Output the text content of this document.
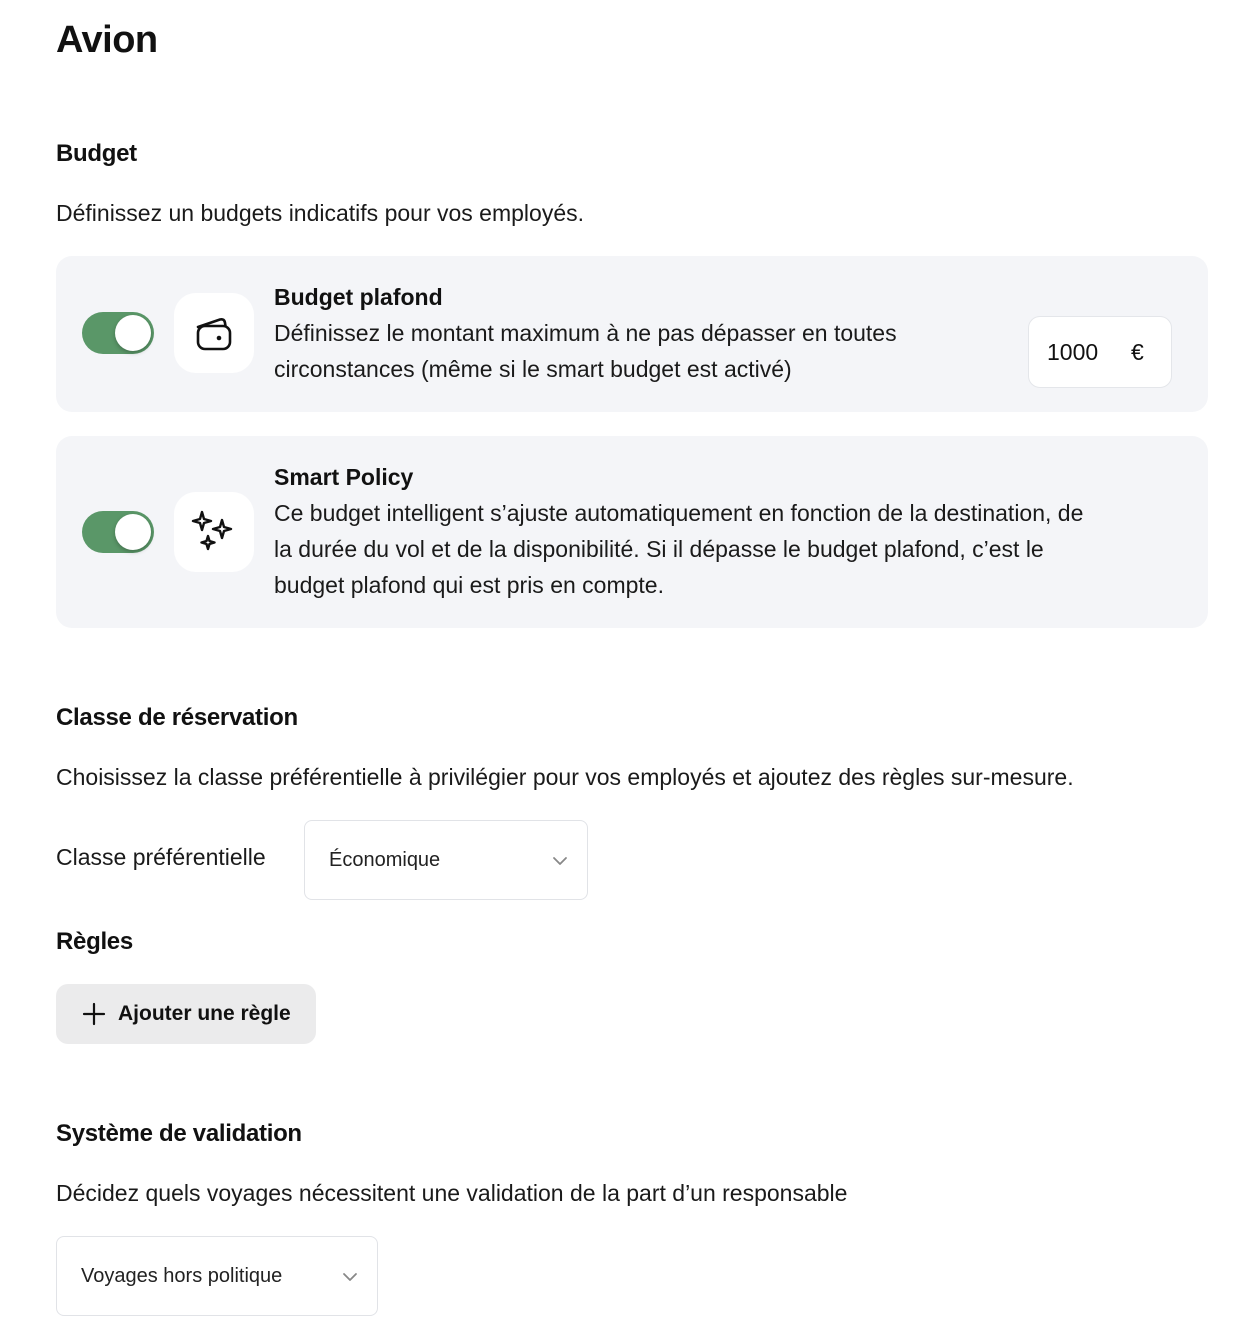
Avion
Budget

Définissez un budgets indicatifs pour vos employés.

Budget plafond
Définissez le montant maximum à ne pas dépasser en toutes
circonstances (même si le smart budget est activé)
1000	€
Smart Policy
Ce budget intelligent s’ajuste automatiquement en fonction de la destination, de
la durée du vol et de la disponibilité. Si il dépasse le budget plafond, c’est le
budget plafond qui est pris en compte.
Classe de réservation

Choisissez la classe préférentielle à privilégier pour vos employés et ajoutez des règles sur-mesure.

Classe préférentielle	Économique
Règles
Ajouter une règle
Système de validation

Décidez quels voyages nécessitent une validation de la part d’un responsable

Voyages hors politique
